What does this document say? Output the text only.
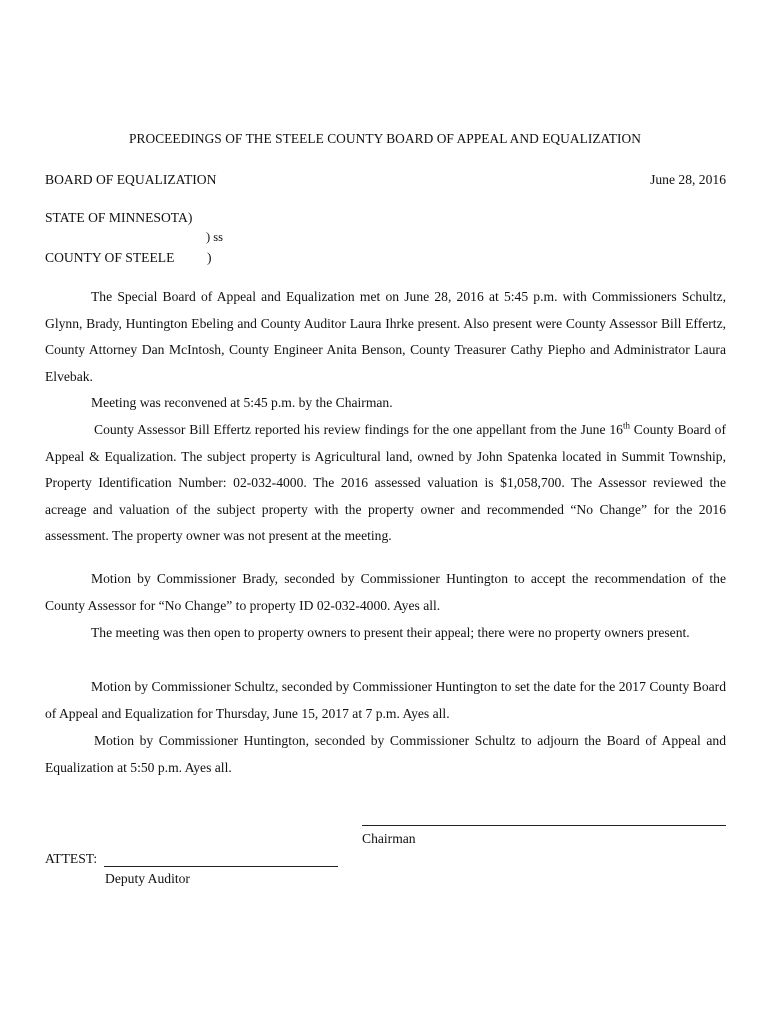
PROCEEDINGS OF THE STEELE COUNTY BOARD OF APPEAL AND EQUALIZATION
BOARD OF EQUALIZATION	June 28, 2016
STATE OF MINNESOTA)
) ss
COUNTY OF STEELE )
The Special Board of Appeal and Equalization met on June 28, 2016 at 5:45 p.m. with Commissioners Schultz, Glynn, Brady, Huntington Ebeling and County Auditor Laura Ihrke present. Also present were County Assessor Bill Effertz, County Attorney Dan McIntosh, County Engineer Anita Benson, County Treasurer Cathy Piepho and Administrator Laura Elvebak.
Meeting was reconvened at 5:45 p.m. by the Chairman.
County Assessor Bill Effertz reported his review findings for the one appellant from the June 16th County Board of Appeal & Equalization. The subject property is Agricultural land, owned by John Spatenka located in Summit Township, Property Identification Number: 02-032-4000. The 2016 assessed valuation is $1,058,700. The Assessor reviewed the acreage and valuation of the subject property with the property owner and recommended “No Change” for the 2016 assessment. The property owner was not present at the meeting.
Motion by Commissioner Brady, seconded by Commissioner Huntington to accept the recommendation of the County Assessor for “No Change” to property ID 02-032-4000. Ayes all.
The meeting was then open to property owners to present their appeal; there were no property owners present.
Motion by Commissioner Schultz, seconded by Commissioner Huntington to set the date for the 2017 County Board of Appeal and Equalization for Thursday, June 15, 2017 at 7 p.m. Ayes all.
Motion by Commissioner Huntington, seconded by Commissioner Schultz to adjourn the Board of Appeal and Equalization at 5:50 p.m. Ayes all.
Chairman
ATTEST:
Deputy Auditor
